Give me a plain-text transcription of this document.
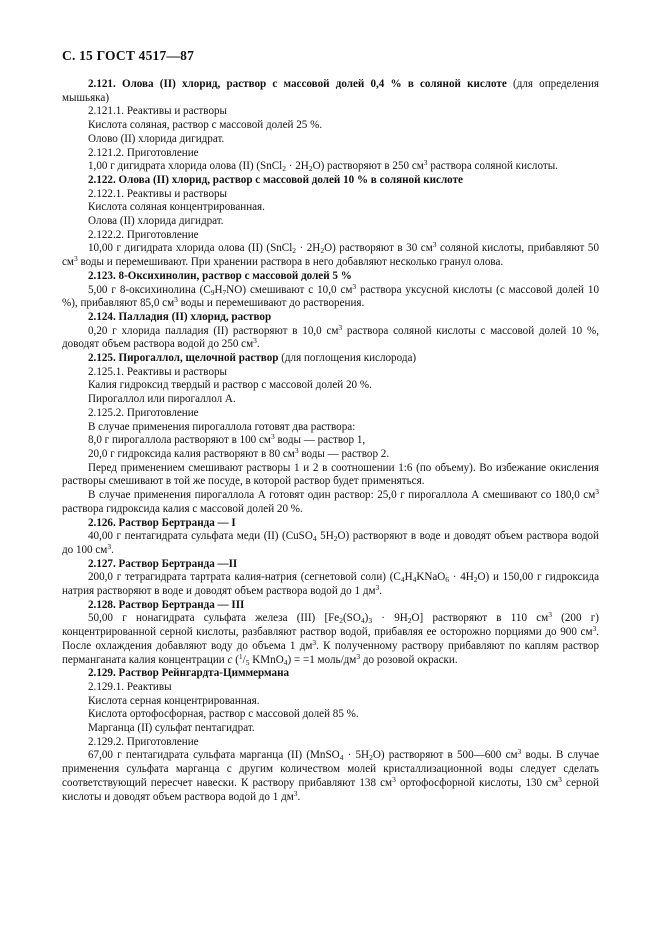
С. 15 ГОСТ 4517—87

2.121. Олова (II) хлорид, раствор с массовой долей 0,4 % в соляной кислоте (для определения мышьяка)

2.121.1. Реактивы и растворы

Кислота соляная, раствор с массовой долей 25 %.

Олово (II) хлорида дигидрат.

2.121.2. Приготовление

1,00 г дигидрата хлорида олова (II) (SnCl$_2$ · $2H_2O$) растворяют в 250 $см^3$ раствора соляной кислоты.

2.122. Олова (II) хлорид, раствор с массовой долей 10 % в соляной кислоте

2.122.1. Реактивы и растворы

Кислота соляная концентрированная.

Олова (II) хлорида дигидрат.

2.122.2. Приготовление

10,00 г дигидрата хлорида олова (II) (SnCl$_2$ · $2H_2O$) растворяют в 30 $см^3$ соляной кислоты, прибавляют 50 $см^3$ воды и перемешивают. При хранении раствора в него добавляют несколько гранул олова.

2.123. 8-Оксихинолин, раствор с массовой долей 5 %

5,00 г 8-оксихинолина $(C_9H_7NO)$ смешивают с 10,0 $см^3$ раствора уксусной кислоты (с массовой долей 10 %), прибавляют 85,0 $см^3$ воды и перемешивают до растворения.

2.124. Палладия (II) хлорид, раствор

0,20 г хлорида палладия (II) растворяют в 10,0 $см^3$ раствора соляной кислоты с массовой долей 10 %, доводят объем раствора водой до 250 $см^3$.

2.125. Пирогаллол, щелочной раствор (для поглощения кислорода)

2.125.1. Реактивы и растворы

Калия гидроксид твердый и раствор с массовой долей 20 %.

Пирогаллол или пирогаллол А.

2.125.2. Приготовление

В случае применения пирогаллола готовят два раствора:

8,0 г пирогаллола растворяют в 100 $см^3$ воды — раствор 1,

20,0 г гидроксида калия растворяют в 80 $см^3$ воды — раствор 2.

Перед применением смешивают растворы 1 и 2 в соотношении 1:6 (по объему). Во избежание окисления растворы смешивают в той же посуде, в которой раствор будет применяться.

В случае применения пирогаллола А готовят один раствор: 25,0 г пирогаллола А смешивают со 180,0 $см^3$ раствора гидроксида калия с массовой долей 20 %.

2.126. Раствор Бертранда — I

40,00 г пентагидрата сульфата меди (II) (CuSO$_4$ $5H_2O$) растворяют в воде и доводят объем раствора водой до 100 $см^3$.

2.127. Раствор Бертранда —II

200,0 г тетрагидрата тартрата калия-натрия (сегнетовой соли) $(C_4H_4KNaO_6 \cdot 4H_2O)$ и 150,00 г гидроксида натрия растворяют в воде и доводят объем раствора водой до 1 $дм^3$.

2.128. Раствор Бертранда — III

50,00 г нонагидрата сульфата железа (III) $[Fe_2(SO_4)_3 \cdot 9H_2O]$ растворяют в 110 $см^3$ (200 г) концентрированной серной кислоты, разбавляют раствор водой, прибавляя ее осторожно порциями до 900 $см^3$. После охлаждения добавляют воду до объема 1 $дм^3$. К полученному раствору прибавляют по каплям раствор перманганата калия концентрации c ($^1/_5$ KMnO$_4$) = =1 моль/$дм^3$ до розовой окраски.

2.129. Раствор Рейнгардта-Циммермана

2.129.1. Реактивы

Кислота серная концентрированная.

Кислота ортофосфорная, раствор с массовой долей 85 %.

Марганца (II) сульфат пентагидрат.

2.129.2. Приготовление

67,00 г пентагидрата сульфата марганца (II) (MnSO$_4$ · $5H_2O$) растворяют в 500—600 $см^3$ воды. В случае применения сульфата марганца с другим количеством молей кристаллизационной воды следует сделать соответствующий пересчет навески. К раствору прибавляют 138 $см^3$ ортофосфорной кислоты, 130 $см^3$ серной кислоты и доводят объем раствора водой до 1 $дм^3$.
